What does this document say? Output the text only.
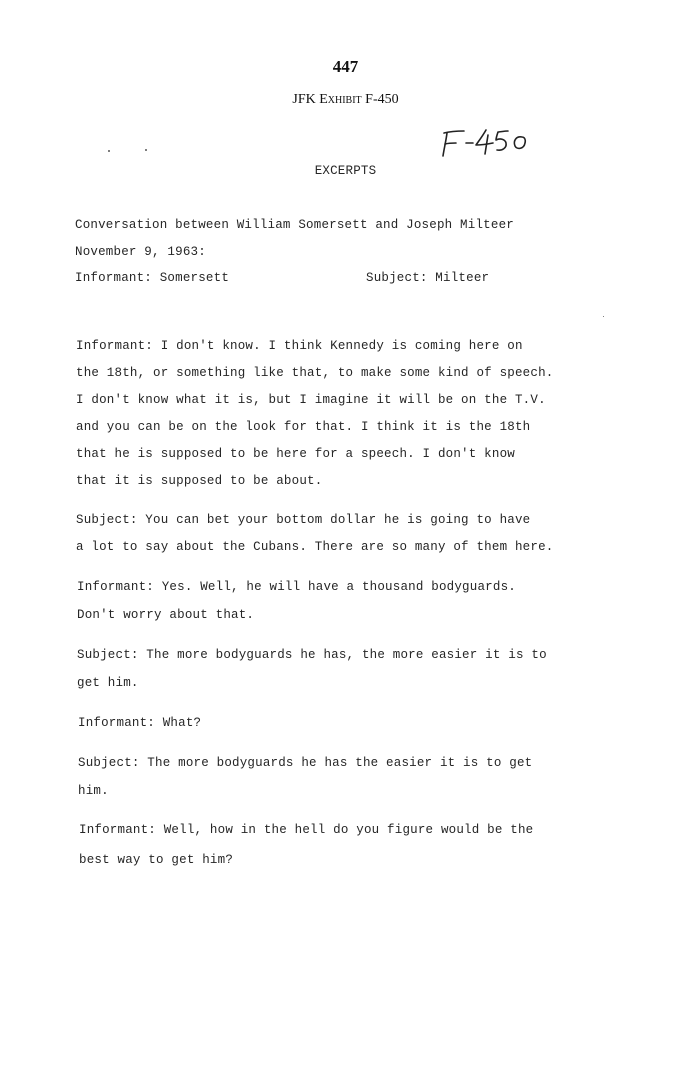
447
JFK Exhibit F-450
EXCERPTS
Conversation between William Somersett and Joseph Milteer
November 9, 1963:
Informant: Somersett	Subject: Milteer
Informant: I don't know. I think Kennedy is coming here on
the 18th, or something like that, to make some kind of speech.
I don't know what it is, but I imagine it will be on the T.V.
and you can be on the look for that. I think it is the 18th
that he is supposed to be here for a speech. I don't know
that it is supposed to be about.
Subject: You can bet your bottom dollar he is going to have
a lot to say about the Cubans. There are so many of them here.
Informant: Yes. Well, he will have a thousand bodyguards.
Don't worry about that.
Subject: The more bodyguards he has, the more easier it is to
get him.
Informant: What?
Subject: The more bodyguards he has the easier it is to get
him.
Informant: Well, how in the hell do you figure would be the
best way to get him?
